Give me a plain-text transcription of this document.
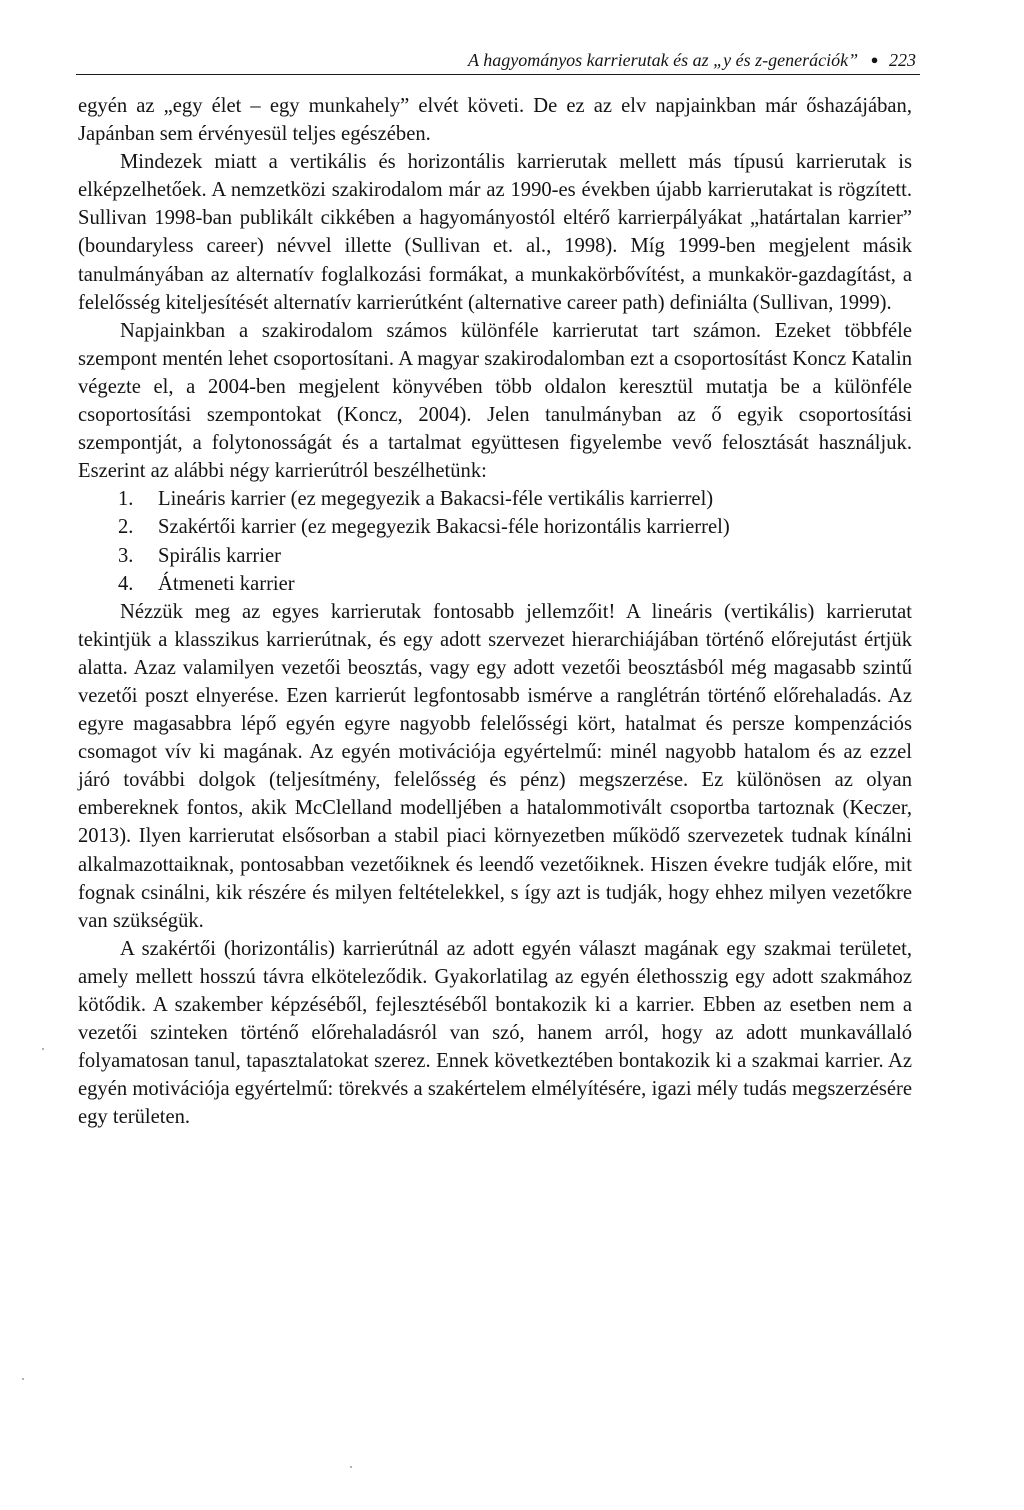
A hagyományos karrierutak és az „y és z-generációk” ● 223

egyén az „egy élet – egy munkahely” elvét követi. De ez az elv napjainkban már őshazájában, Japánban sem érvényesül teljes egészében.

Mindezek miatt a vertikális és horizontális karrierutak mellett más típusú karrierutak is elképzelhetőek. A nemzetközi szakirodalom már az 1990-es években újabb karrierutakat is rögzített. Sullivan 1998-ban publikált cikkében a hagyományostól eltérő karrierpályákat „határtalan karrier” (boundaryless career) névvel illette (Sullivan et. al., 1998). Míg 1999-ben megjelent másik tanulmányában az alternatív foglalkozási formákat, a munkakörbővítést, a munkakör-gazdagítást, a felelősség kiteljesítését alternatív karrierútként (alternative career path) definiálta (Sullivan, 1999).

Napjainkban a szakirodalom számos különféle karrierutat tart számon. Ezeket többféle szempont mentén lehet csoportosítani. A magyar szakirodalomban ezt a csoportosítást Koncz Katalin végezte el, a 2004-ben megjelent könyvében több oldalon keresztül mutatja be a különféle csoportosítási szempontokat (Koncz, 2004). Jelen tanulmányban az ő egyik csoportosítási szempontját, a folytonosságát és a tartalmat együttesen figyelembe vevő felosztását használjuk. Eszerint az alábbi négy karrierútról beszélhetünk:

1. Lineáris karrier (ez megegyezik a Bakacsi-féle vertikális karrierrel)
2. Szakértői karrier (ez megegyezik Bakacsi-féle horizontális karrierrel)
3. Spirális karrier
4. Átmeneti karrier

Nézzük meg az egyes karrierutak fontosabb jellemzőit! A lineáris (vertikális) karrierutat tekintjük a klasszikus karrierútnak, és egy adott szervezet hierarchiájában történő előrejutást értjük alatta. Azaz valamilyen vezetői beosztás, vagy egy adott vezetői beosztásból még magasabb szintű vezetői poszt elnyerése. Ezen karrierút legfontosabb ismérve a ranglétrán történő előrehaladás. Az egyre magasabbra lépő egyén egyre nagyobb felelősségi kört, hatalmat és persze kompenzációs csomagot vív ki magának. Az egyén motivációja egyértelmű: minél nagyobb hatalom és az ezzel járó további dolgok (teljesítmény, felelősség és pénz) megszerzése. Ez különösen az olyan embereknek fontos, akik McClelland modelljében a hatalommotivált csoportba tartoznak (Keczer, 2013). Ilyen karrierutat elsősorban a stabil piaci környezetben működő szervezetek tudnak kínálni alkalmazottaiknak, pontosabban vezetőiknek és leendő vezetőiknek. Hiszen évekre tudják előre, mit fognak csinálni, kik részére és milyen feltételekkel, s így azt is tudják, hogy ehhez milyen vezetőkre van szükségük.

A szakértői (horizontális) karrierútnál az adott egyén választ magának egy szakmai területet, amely mellett hosszú távra elköteleződik. Gyakorlatilag az egyén élethosszig egy adott szakmához kötődik. A szakember képzéséből, fejlesztéséből bontakozik ki a karrier. Ebben az esetben nem a vezetői szinteken történő előrehaladásról van szó, hanem arról, hogy az adott munkavállaló folyamatosan tanul, tapasztalatokat szerez. Ennek következtében bontakozik ki a szakmai karrier. Az egyén motivációja egyértelmű: törekvés a szakértelem elmélyítésére, igazi mély tudás megszerzésére egy területen.
